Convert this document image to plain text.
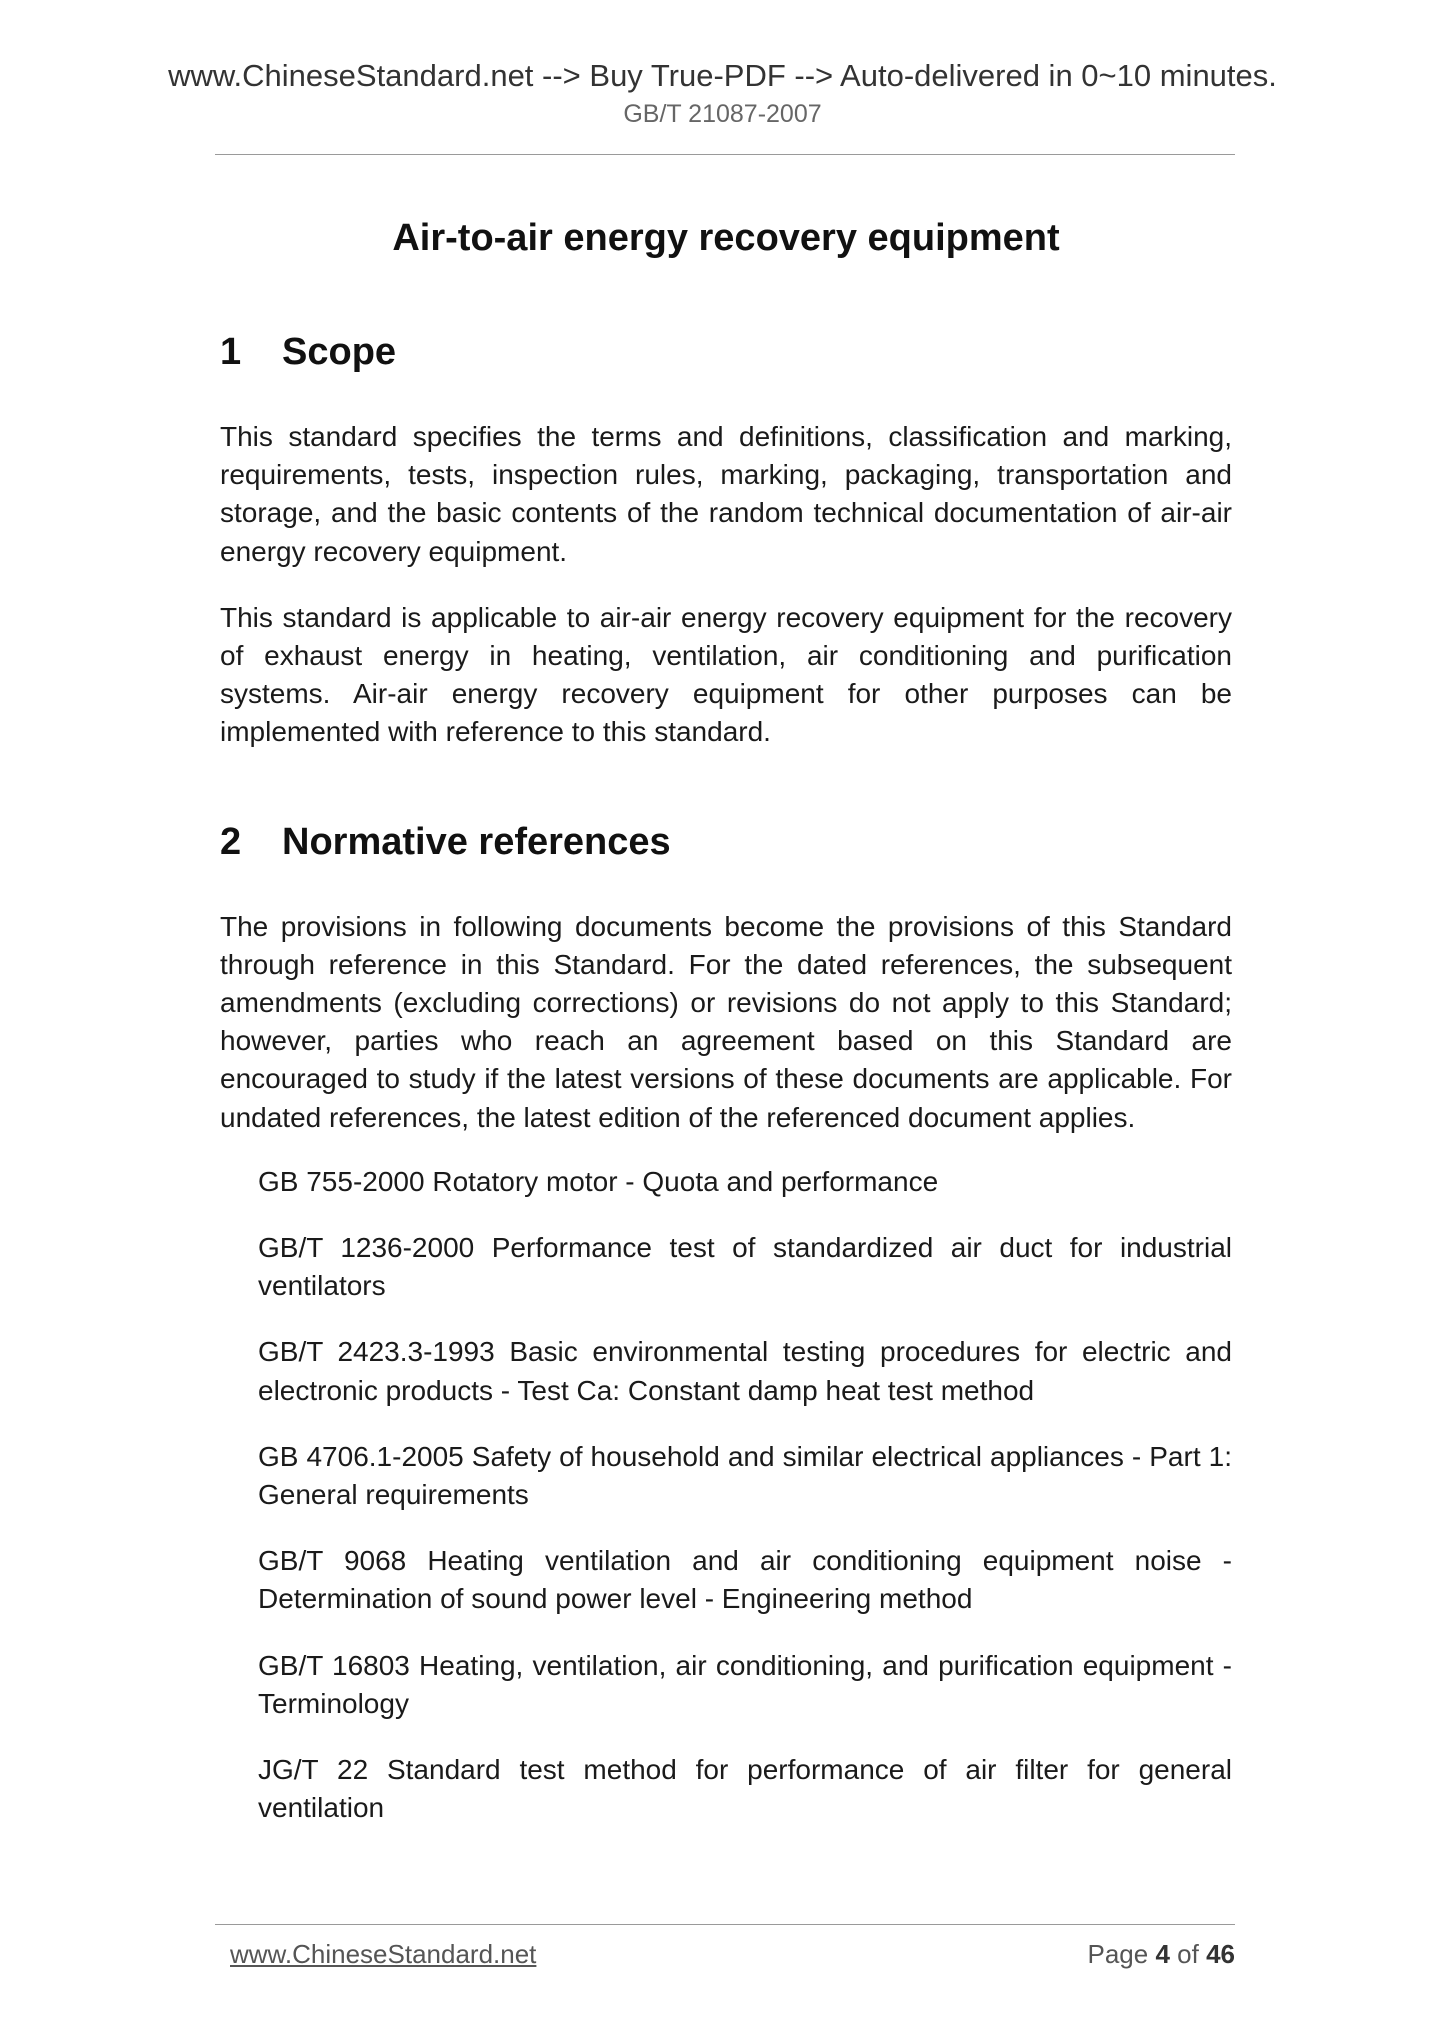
www.ChineseStandard.net --> Buy True-PDF --> Auto-delivered in 0~10 minutes.
GB/T 21087-2007
Air-to-air energy recovery equipment
1 Scope

This standard specifies the terms and definitions, classification and marking, requirements, tests, inspection rules, marking, packaging, transportation and storage, and the basic contents of the random technical documentation of air-air energy recovery equipment.

This standard is applicable to air-air energy recovery equipment for the recovery of exhaust energy in heating, ventilation, air conditioning and purification systems. Air-air energy recovery equipment for other purposes can be implemented with reference to this standard.

2 Normative references

The provisions in following documents become the provisions of this Standard through reference in this Standard. For the dated references, the subsequent amendments (excluding corrections) or revisions do not apply to this Standard; however, parties who reach an agreement based on this Standard are encouraged to study if the latest versions of these documents are applicable. For undated references, the latest edition of the referenced document applies.

GB 755-2000 Rotatory motor - Quota and performance
GB/T 1236-2000 Performance test of standardized air duct for industrial ventilators
GB/T 2423.3-1993 Basic environmental testing procedures for electric and electronic products - Test Ca: Constant damp heat test method
GB 4706.1-2005 Safety of household and similar electrical appliances - Part 1: General requirements
GB/T 9068 Heating ventilation and air conditioning equipment noise - Determination of sound power level - Engineering method
GB/T 16803 Heating, ventilation, air conditioning, and purification equipment - Terminology
JG/T 22 Standard test method for performance of air filter for general ventilation
www.ChineseStandard.net	Page 4 of 46
